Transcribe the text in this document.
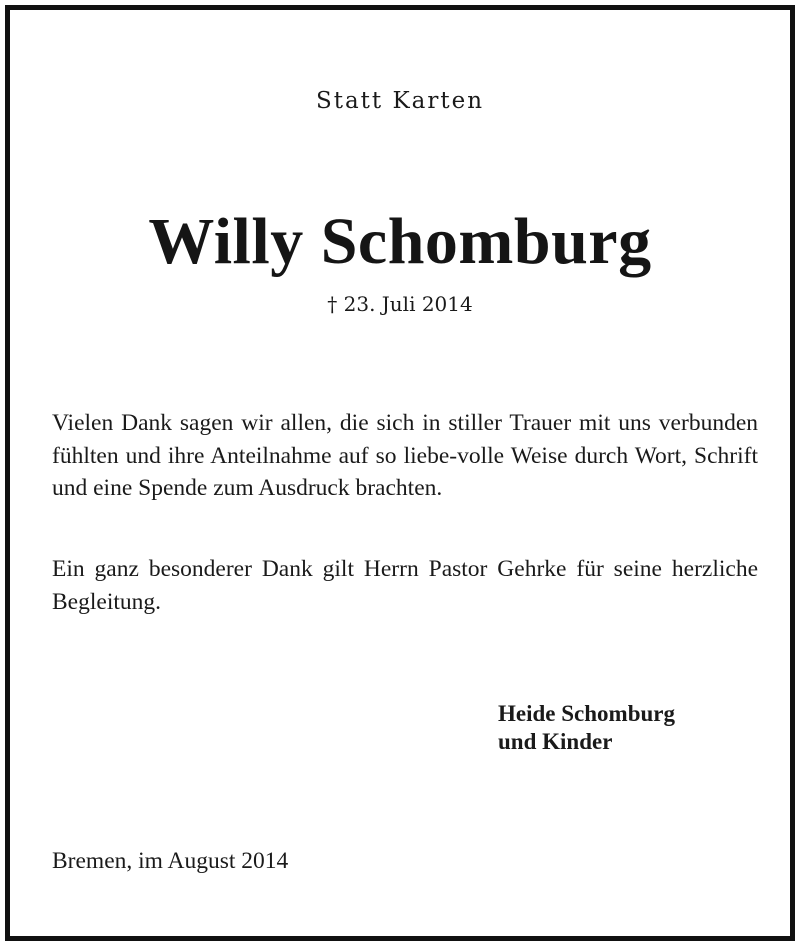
Statt Karten
Willy Schomburg
† 23. Juli 2014

Vielen Dank sagen wir allen, die sich in stiller Trauer mit uns verbunden fühlten und ihre Anteilnahme auf so liebe-volle Weise durch Wort, Schrift und eine Spende zum Ausdruck brachten.

Ein ganz besonderer Dank gilt Herrn Pastor Gehrke für seine herzliche Begleitung.

Heide Schomburg
und Kinder
Bremen, im August 2014
